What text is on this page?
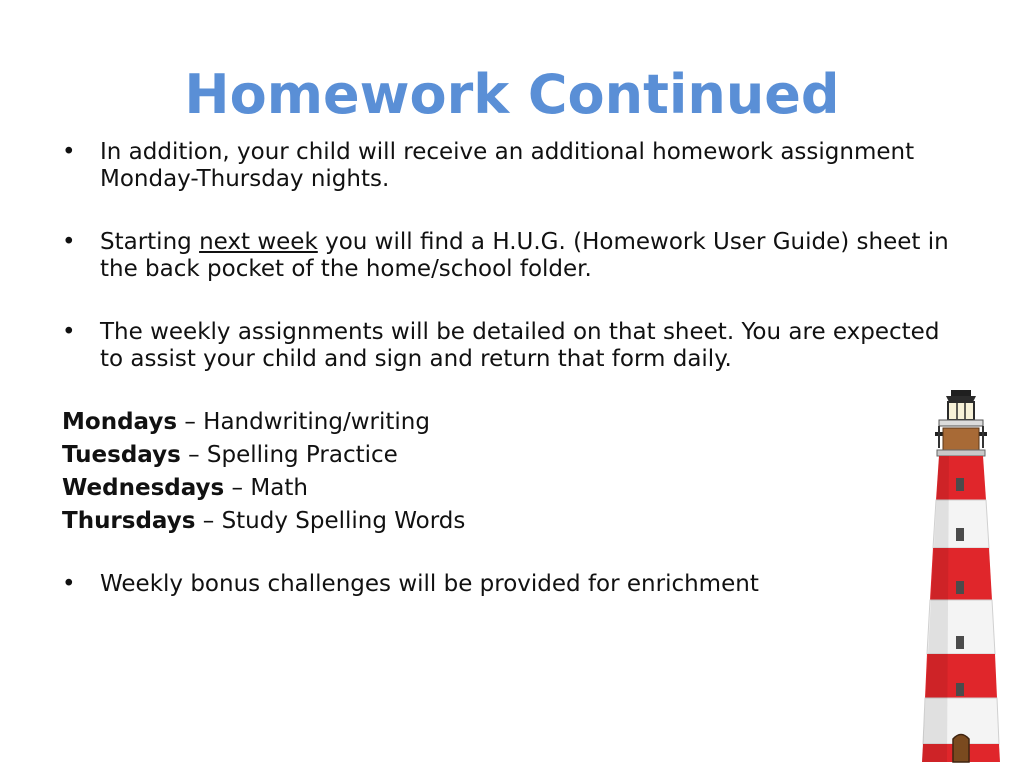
Homework Continued
• In addition, your child will receive an additional homework assignment Monday-Thursday nights.
• Starting next week you will find a H.U.G. (Homework User Guide) sheet in the back pocket of the home/school folder.
• The weekly assignments will be detailed on that sheet. You are expected to assist your child and sign and return that form daily.
Mondays – Handwriting/writing
Tuesdays – Spelling Practice
Wednesdays – Math
Thursdays – Study Spelling Words
• Weekly bonus challenges will be provided for enrichment
